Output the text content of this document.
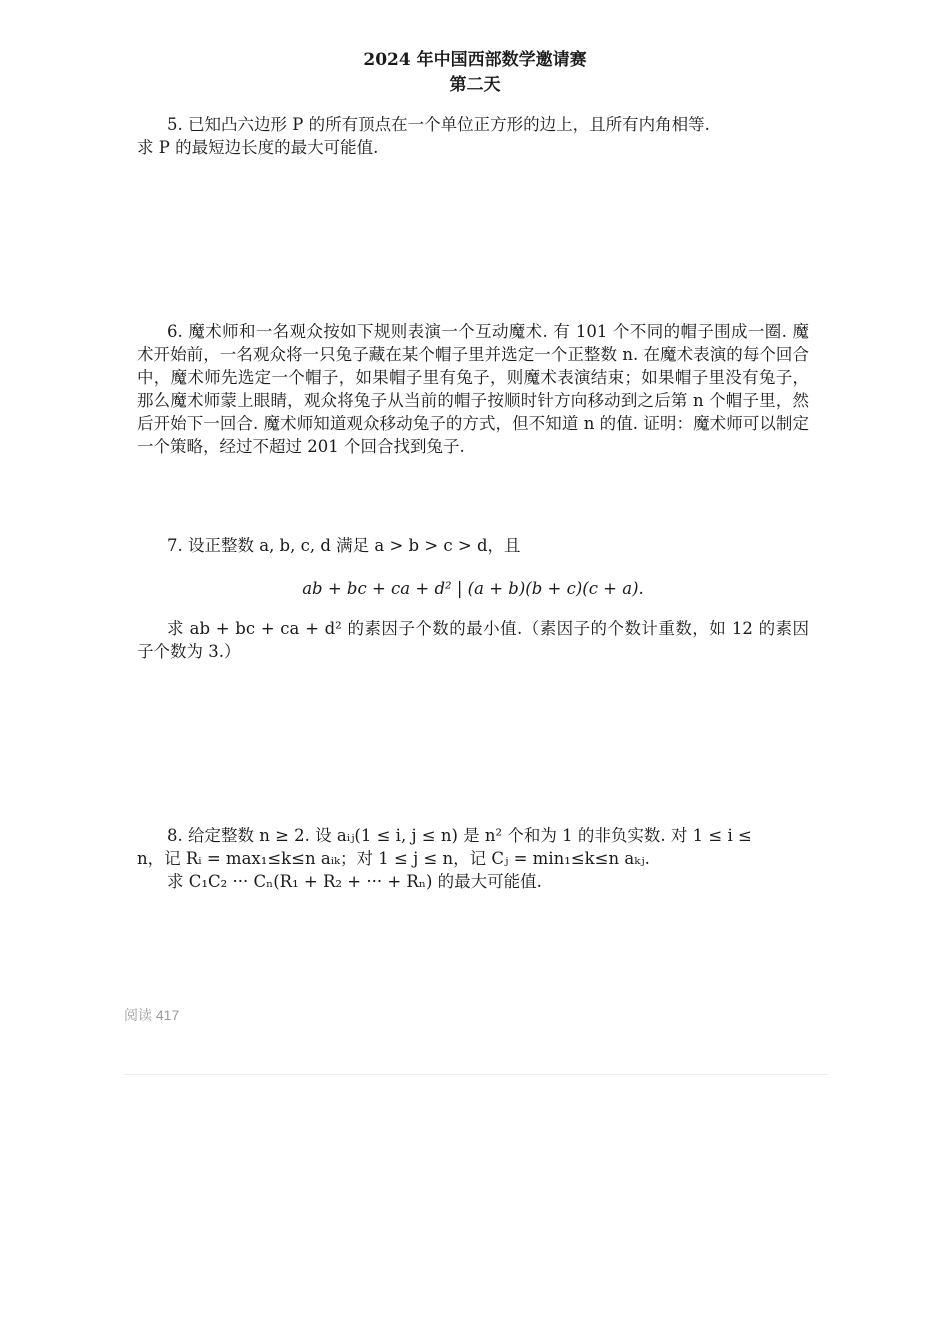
2024 年中国西部数学邀请赛
第二天

5. 已知凸六边形 P 的所有顶点在一个单位正方形的边上，且所有内角相等.

求 P 的最短边长度的最大可能值.

6. 魔术师和一名观众按如下规则表演一个互动魔术. 有 101 个不同的帽子围成一圈. 魔术开始前，一名观众将一只兔子藏在某个帽子里并选定一个正整数 n. 在魔术表演的每个回合中，魔术师先选定一个帽子，如果帽子里有兔子，则魔术表演结束；如果帽子里没有兔子，那么魔术师蒙上眼睛，观众将兔子从当前的帽子按顺时针方向移动到之后第 n 个帽子里，然后开始下一回合. 魔术师知道观众移动兔子的方式，但不知道 n 的值. 证明：魔术师可以制定一个策略，经过不超过 201 个回合找到兔子.

7. 设正整数 a, b, c, d 满足 a > b > c > d，且

ab + bc + ca + d² | (a + b)(b + c)(c + a).

求 ab + bc + ca + d² 的素因子个数的最小值.（素因子的个数计重数，如 12 的素因子个数为 3.）

8. 给定整数 n ≥ 2. 设 aᵢⱼ(1 ≤ i, j ≤ n) 是 n² 个和为 1 的非负实数. 对 1 ≤ i ≤

n，记 Rᵢ = max₁≤k≤n aᵢₖ；对 1 ≤ j ≤ n，记 Cⱼ = min₁≤k≤n aₖⱼ.

求 C₁C₂ ··· Cₙ(R₁ + R₂ + ··· + Rₙ) 的最大可能值.

阅读 417
